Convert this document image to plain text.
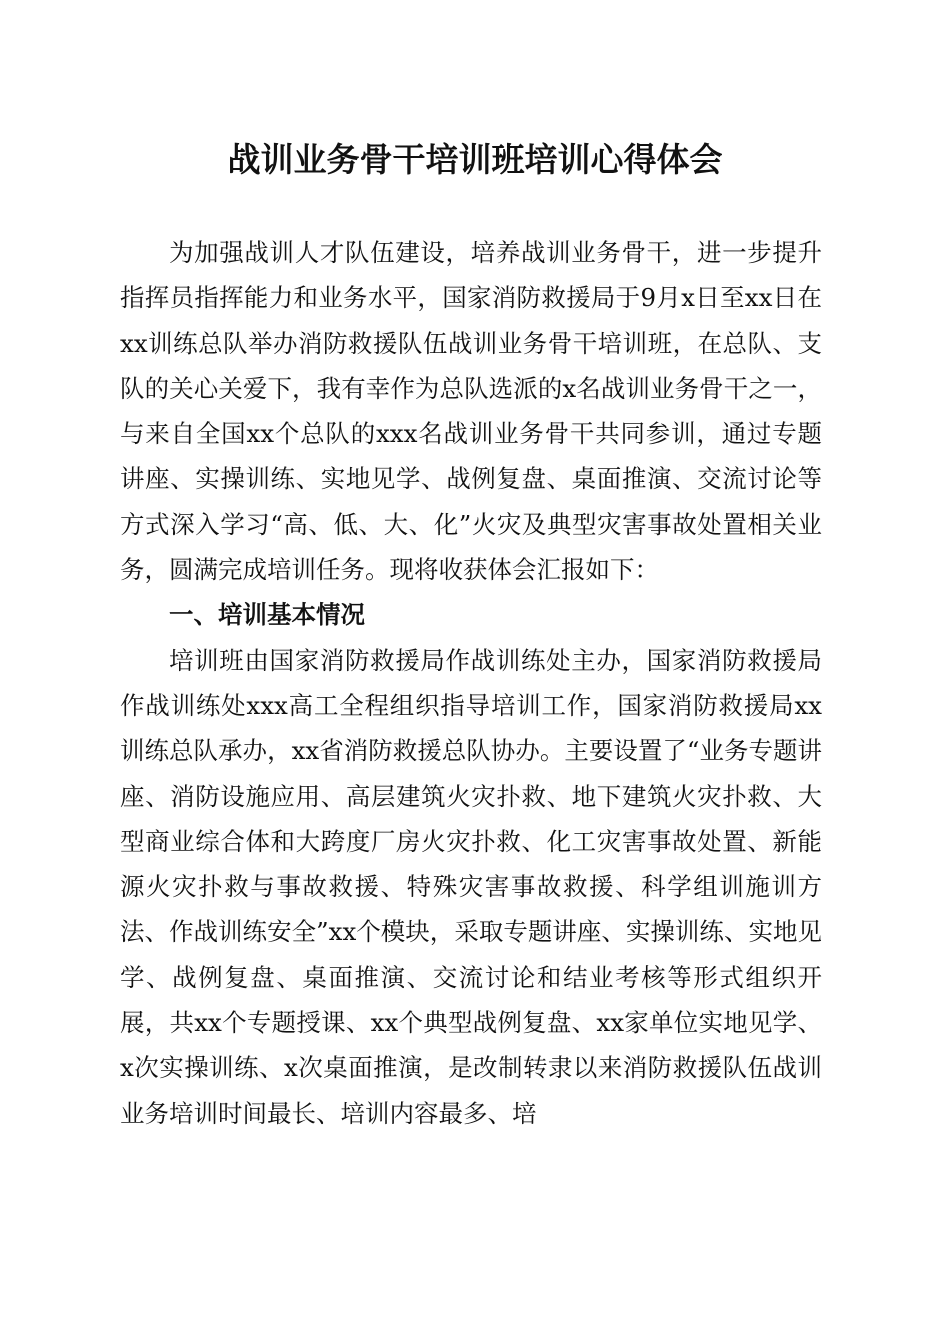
战训业务骨干培训班培训心得体会

为加强战训人才队伍建设，培养战训业务骨干，进一步提升指挥员指挥能力和业务水平，国家消防救援局于9月x日至xx日在xx训练总队举办消防救援队伍战训业务骨干培训班，在总队、支队的关心关爱下，我有幸作为总队选派的x名战训业务骨干之一，与来自全国xx个总队的xxx名战训业务骨干共同参训，通过专题讲座、实操训练、实地见学、战例复盘、桌面推演、交流讨论等方式深入学习“高、低、大、化”火灾及典型灾害事故处置相关业务，圆满完成培训任务。现将收获体会汇报如下：

一、培训基本情况

培训班由国家消防救援局作战训练处主办，国家消防救援局作战训练处xxx高工全程组织指导培训工作，国家消防救援局xx训练总队承办，xx省消防救援总队协办。主要设置了“业务专题讲座、消防设施应用、高层建筑火灾扑救、地下建筑火灾扑救、大型商业综合体和大跨度厂房火灾扑救、化工灾害事故处置、新能源火灾扑救与事故救援、特殊灾害事故救援、科学组训施训方法、作战训练安全”xx个模块，采取专题讲座、实操训练、实地见学、战例复盘、桌面推演、交流讨论和结业考核等形式组织开展，共xx个专题授课、xx个典型战例复盘、xx家单位实地见学、x次实操训练、x次桌面推演，是改制转隶以来消防救援队伍战训业务培训时间最长、培训内容最多、培
